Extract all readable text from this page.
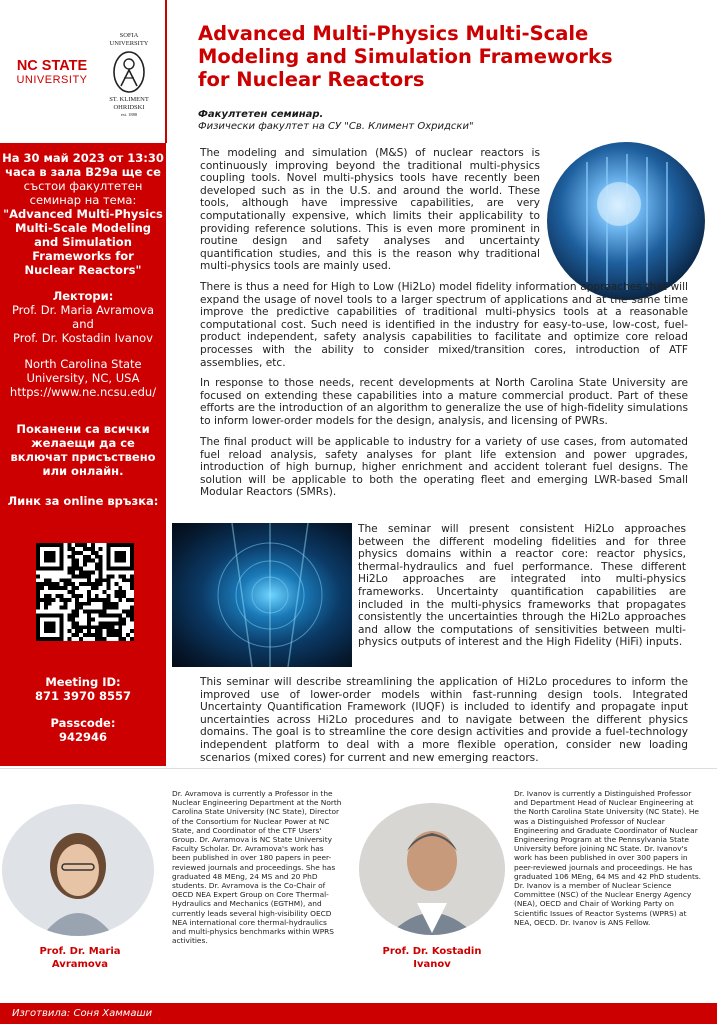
NC STATE
UNIVERSITY
SOFIA
UNIVERSITY
ST. KLIMENT
OHRIDSKI
est. 1888
Advanced Multi-Physics Multi-Scale
Modeling and Simulation Frameworks
for Nuclear Reactors
Факултетен семинар.
Физически факултет на СУ "Св. Климент Охридски"
На 30 май 2023 от 13:30
часа в зала B29a ще се
състои факултетен
семинар на тема:
"Advanced Multi-Physics
Multi-Scale Modeling
and Simulation
Frameworks for
Nuclear Reactors"
Лектори:
Prof. Dr. Maria Avramova
and
Prof. Dr. Kostadin Ivanov
North Carolina State
University, NC, USA
https://www.ne.ncsu.edu/
Поканени са всички
желаещи да се
включат присъствено
или онлайн.
Линк за online връзка:
Meeting ID:
871 3970 8557
Passcode:
942946
The modeling and simulation (M&S) of nuclear reactors is continuously improving beyond the traditional multi-physics coupling tools. Novel multi-physics tools have recently been developed such as in the U.S. and around the world. These tools, although have impressive capabilities, are very computationally expensive, which limits their applicability to providing reference solutions. This is even more prominent in routine design and safety analyses and uncertainty quantification studies, and this is the reason why traditional multi-physics tools are mainly used.
There is thus a need for High to Low (Hi2Lo) model fidelity information approaches that will expand the usage of novel tools to a larger spectrum of applications and at the same time improve the predictive capabilities of traditional multi-physics tools at a reasonable computational cost. Such need is identified in the industry for easy-to-use, low-cost, fuel-product independent, safety analysis capabilities to facilitate and optimize core reload processes with the ability to consider mixed/transition cores, introduction of ATF assemblies, etc.
In response to those needs, recent developments at North Carolina State University are focused on extending these capabilities into a mature commercial product. Part of these efforts are the introduction of an algorithm to generalize the use of high-fidelity simulations to inform lower-order models for the design, analysis, and licensing of PWRs.
The final product will be applicable to industry for a variety of use cases, from automated fuel reload analysis, safety analyses for plant life extension and power upgrades, introduction of high burnup, higher enrichment and accident tolerant fuel designs. The solution will be applicable to both the operating fleet and emerging LWR-based Small Modular Reactors (SMRs).
The seminar will present consistent Hi2Lo approaches between the different modeling fidelities and for three physics domains within a reactor core: reactor physics, thermal-hydraulics and fuel performance. These different Hi2Lo approaches are integrated into multi-physics frameworks. Uncertainty quantification capabilities are included in the multi-physics frameworks that propagates consistently the uncertainties through the Hi2Lo approaches and allow the computations of sensitivities between multi-physics outputs of interest and the High Fidelity (HiFi) inputs.
This seminar will describe streamlining the application of Hi2Lo procedures to inform the improved use of lower-order models within fast-running design tools. Integrated Uncertainty Quantification Framework (IUQF) is included to identify and propagate input uncertainties across Hi2Lo procedures and to navigate between the different physics domains. The goal is to streamline the core design activities and provide a fuel-technology independent platform to deal with a more flexible operation, consider new loading scenarios (mixed cores) for current and new emerging reactors.
Prof. Dr. Maria
Avramova
Dr. Avramova is currently a Professor in the Nuclear Engineering Department at the North Carolina State University (NC State), Director of the Consortium for Nuclear Power at NC State, and Coordinator of the CTF Users' Group. Dr. Avramova is NC State University Faculty Scholar. Dr. Avramova's work has been published in over 180 papers in peer-reviewed journals and proceedings. She has graduated 48 MEng, 24 MS and 20 PhD students. Dr. Avramova is the Co-Chair of OECD NEA Expert Group on Core Thermal-Hydraulics and Mechanics (EGTHM), and currently leads several high-visibility OECD NEA international core thermal-hydraulics and multi-physics benchmarks within WPRS activities.
Prof. Dr. Kostadin
Ivanov
Dr. Ivanov is currently a Distinguished Professor and Department Head of Nuclear Engineering at the North Carolina State University (NC State). He was a Distinguished Professor of Nuclear Engineering and Graduate Coordinator of Nuclear Engineering Program at the Pennsylvania State University before joining NC State. Dr. Ivanov's work has been published in over 300 papers in peer-reviewed journals and proceedings. He has graduated 106 MEng, 64 MS and 42 PhD students. Dr. Ivanov is a member of Nuclear Science Committee (NSC) of the Nuclear Energy Agency (NEA), OECD and Chair of Working Party on Scientific Issues of Reactor Systems (WPRS) at NEA, OECD. Dr. Ivanov is ANS Fellow.
Изготвила: Соня Хаммаши
